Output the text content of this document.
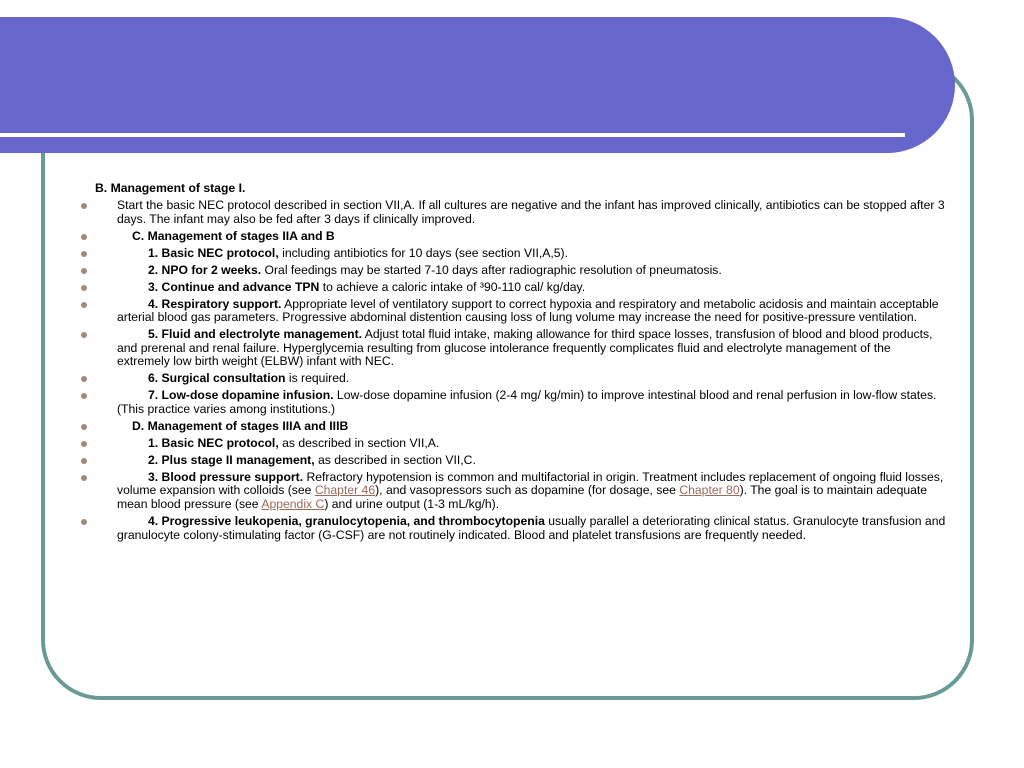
B. Management of stage I.
Start the basic NEC protocol described in section VII,A. If all cultures are negative and the infant has improved clinically, antibiotics can be stopped after 3 days. The infant may also be fed after 3 days if clinically improved.
C. Management of stages IIA and B
1. Basic NEC protocol, including antibiotics for 10 days (see section VII,A,5).
2. NPO for 2 weeks. Oral feedings may be started 7-10 days after radiographic resolution of pneumatosis.
3. Continue and advance TPN to achieve a caloric intake of ³90-110 cal/ kg/day.
4. Respiratory support. Appropriate level of ventilatory support to correct hypoxia and respiratory and metabolic acidosis and maintain acceptable arterial blood gas parameters. Progressive abdominal distention causing loss of lung volume may increase the need for positive-pressure ventilation.
5. Fluid and electrolyte management. Adjust total fluid intake, making allowance for third space losses, transfusion of blood and blood products, and prerenal and renal failure. Hyperglycemia resulting from glucose intolerance frequently complicates fluid and electrolyte management of the extremely low birth weight (ELBW) infant with NEC.
6. Surgical consultation is required.
7. Low-dose dopamine infusion. Low-dose dopamine infusion (2-4 mg/ kg/min) to improve intestinal blood and renal perfusion in low-flow states. (This practice varies among institutions.)
D. Management of stages IIIA and IIIB
1. Basic NEC protocol, as described in section VII,A.
2. Plus stage II management, as described in section VII,C.
3. Blood pressure support. Refractory hypotension is common and multifactorial in origin. Treatment includes replacement of ongoing fluid losses, volume expansion with colloids (see Chapter 46), and vasopressors such as dopamine (for dosage, see Chapter 80). The goal is to maintain adequate mean blood pressure (see Appendix C) and urine output (1-3 mL/kg/h).
4. Progressive leukopenia, granulocytopenia, and thrombocytopenia usually parallel a deteriorating clinical status. Granulocyte transfusion and granulocyte colony-stimulating factor (G-CSF) are not routinely indicated. Blood and platelet transfusions are frequently needed.
